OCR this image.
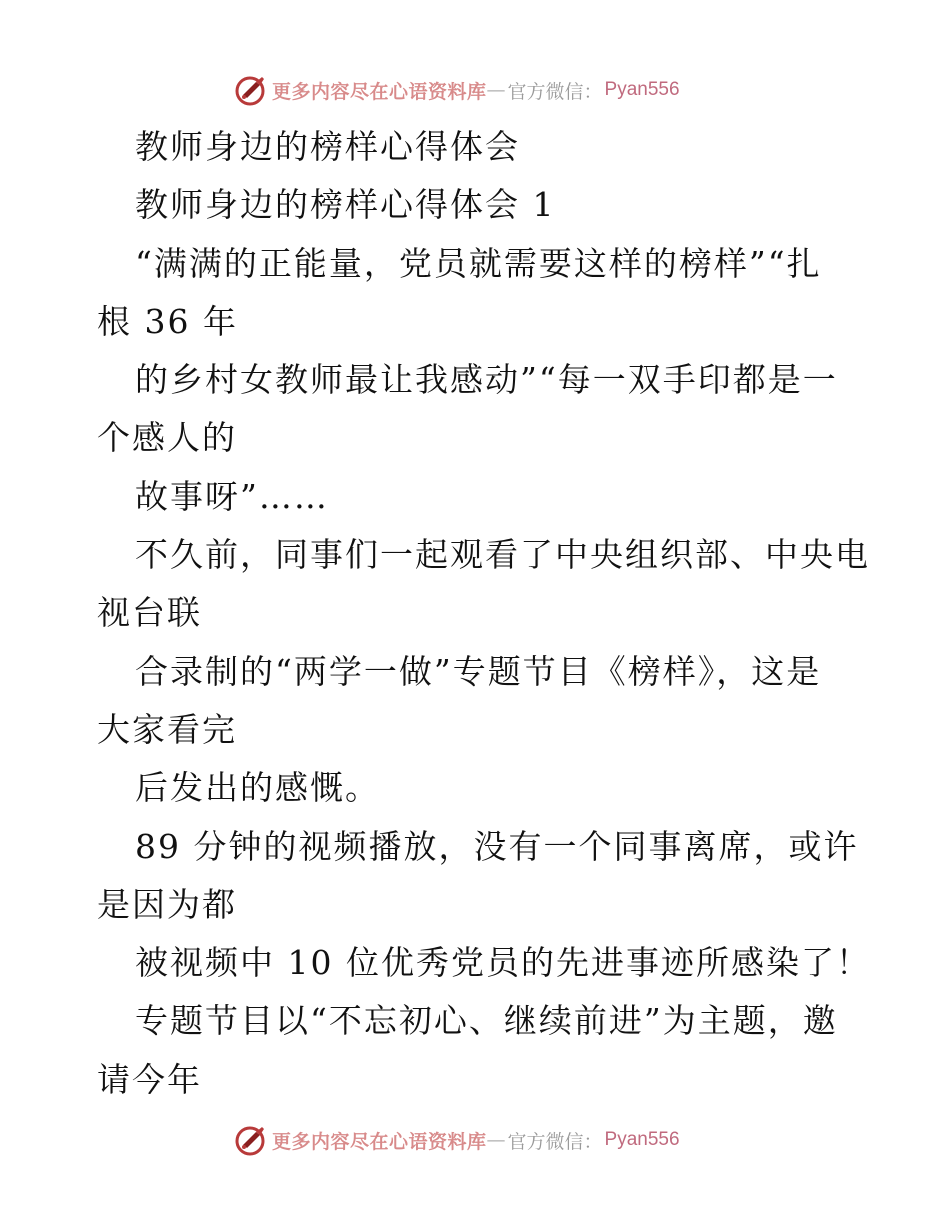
更多内容尽在心语资料库 — 官方微信： Pyan556
教师身边的榜样心得体会
教师身边的榜样心得体会 1
“满满的正能量，党员就需要这样的榜样”“扎
根 36 年
的乡村女教师最让我感动”“每一双手印都是一
个感人的
故事呀”……
不久前，同事们一起观看了中央组织部、中央电
视台联
合录制的“两学一做”专题节目《榜样》，这是
大家看完
后发出的感慨。
89 分钟的视频播放，没有一个同事离席，或许
是因为都
被视频中 10 位优秀党员的先进事迹所感染了！
专题节目以“不忘初心、继续前进”为主题，邀
请今年
更多内容尽在心语资料库 — 官方微信： Pyan556
